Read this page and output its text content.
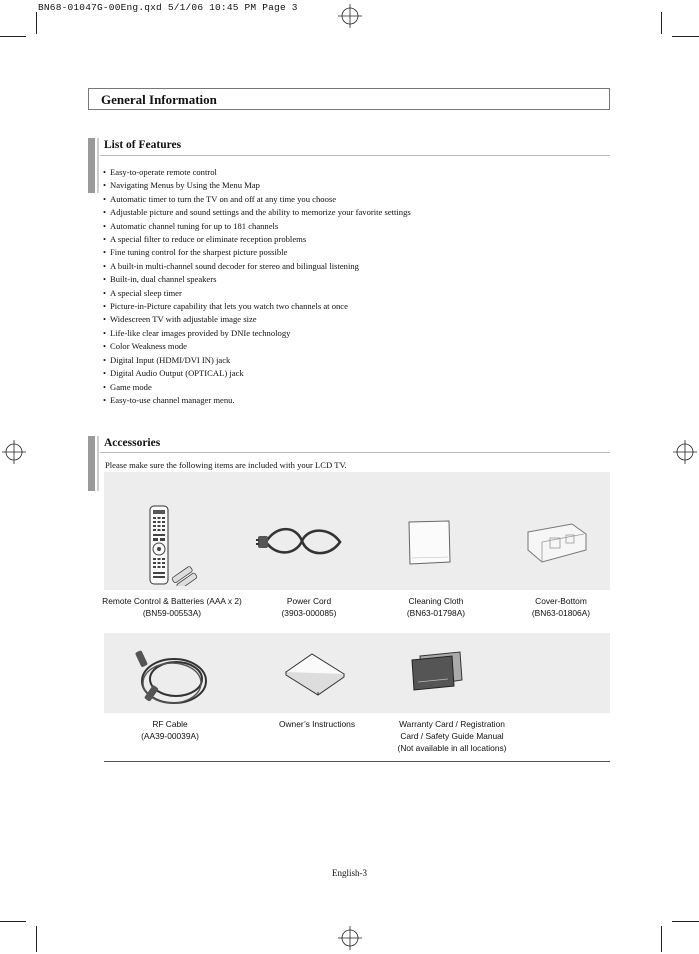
BN68-01047G-00Eng.qxd 5/1/06 10:45 PM Page 3
General Information
List of Features
• Easy-to-operate remote control
• Navigating Menus by Using the Menu Map
• Automatic timer to turn the TV on and off at any time you choose
• Adjustable picture and sound settings and the ability to memorize your favorite settings
• Automatic channel tuning for up to 181 channels
• A special filter to reduce or eliminate reception problems
• Fine tuning control for the sharpest picture possible
• A built-in multi-channel sound decoder for stereo and bilingual listening
• Built-in, dual channel speakers
• A special sleep timer
• Picture-in-Picture capability that lets you watch two channels at once
• Widescreen TV with adjustable image size
• Life-like clear images provided by DNIe technology
• Color Weakness mode
• Digital Input (HDMI/DVI IN) jack
• Digital Audio Output (OPTICAL) jack
• Game mode
• Easy-to-use channel manager menu.
Accessories
Please make sure the following items are included with your LCD TV.
Remote Control & Batteries (AAA x 2)
(BN59-00553A)
Power Cord
(3903-000085)
Cleaning Cloth
(BN63-01798A)
Cover-Bottom
(BN63-01806A)
RF Cable
(AA39-00039A)
Owner’s Instructions	Warranty Card / Registration
Card / Safety Guide Manual
(Not available in all locations)
English-3
